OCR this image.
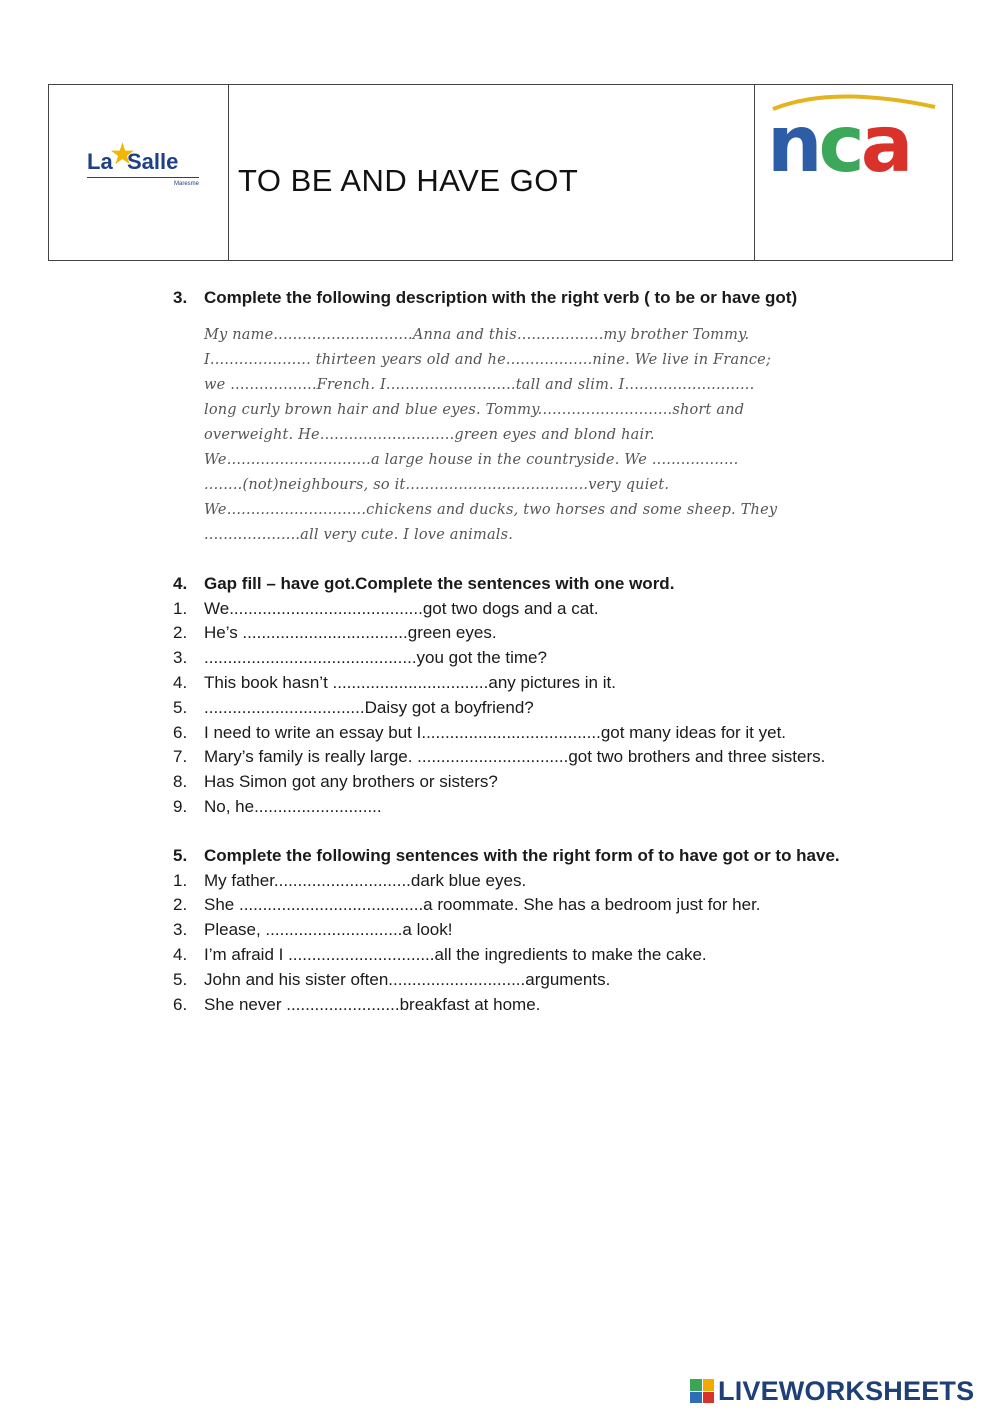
La
★
Salle
Maresme TO BE AND HAVE GOT nca
3. Complete the following description with the right verb ( to be or have got)
My name.............................Anna and this..................my brother Tommy.
I..................... thirteen years old and he..................nine. We live in France;
we ..................French. I...........................tall and slim. I...........................
long curly brown hair and blue eyes. Tommy............................short and
overweight. He............................green eyes and blond hair.
We..............................a large house in the countryside. We ..................
........(not)neighbours, so it......................................very quiet.
We.............................chickens and ducks, two horses and some sheep. They
....................all very cute. I love animals.
4. Gap fill – have got.Complete the sentences with one word.
1. We.........................................got two dogs and a cat.
2. He’s ...................................green eyes.
3. .............................................you got the time?
4. This book hasn’t .................................any pictures in it.
5. ..................................Daisy got a boyfriend?
6. I need to write an essay but I......................................got many ideas for it yet.
7. Mary’s family is really large. ................................got two brothers and three sisters.
8. Has Simon got any brothers or sisters?
9. No, he...........................
5. Complete the following sentences with the right form of to have got or to have.
1. My father.............................dark blue eyes.
2. She .......................................a roommate. She has a bedroom just for her.
3. Please, .............................a look!
4. I’m afraid I ...............................all the ingredients to make the cake.
5. John and his sister often.............................arguments.
6. She never ........................breakfast at home.
LIVEWORKSHEETS
